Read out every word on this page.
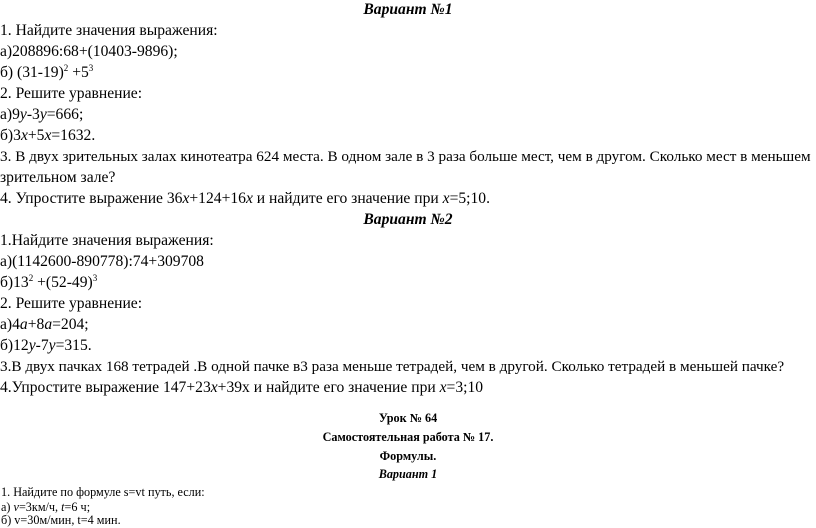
Вариант №1
1. Найдите значения выражения:
а)208896:68+(10403-9896);
б) $(31-19)^2 +5^3$
2. Решите уравнение:
а)9у-3у=666;
б)3х+5х=1632.
3. В двух зрительных залах кинотеатра 624 места. В одном зале в 3 раза больше мест, чем в другом. Сколько мест в меньшем
зрительном зале?
4. Упростите выражение 36х+124+16х и найдите его значение при х=5;10.
Вариант №2
1.Найдите значения выражения:
а)(1142600-890778):74+309708
$б)13^2 +(52-49)^3$
2. Решите уравнение:
а)4а+8а=204;
б)12у-7у=315.
3.В двух пачках 168 тетрадей .В одной пачке в3 раза меньше тетрадей, чем в другой. Сколько тетрадей в меньшей пачке?
4.Упростите выражение 147+23х+39х и найдите его значение при х=3;10
Урок № 64
Самостоятельная работа № 17.
Формулы.
Вариант 1
1. Найдите по формуле s=vt путь, если:
а) v=3км/ч, t=6 ч;
б) v=30м/мин, t=4 мин.
